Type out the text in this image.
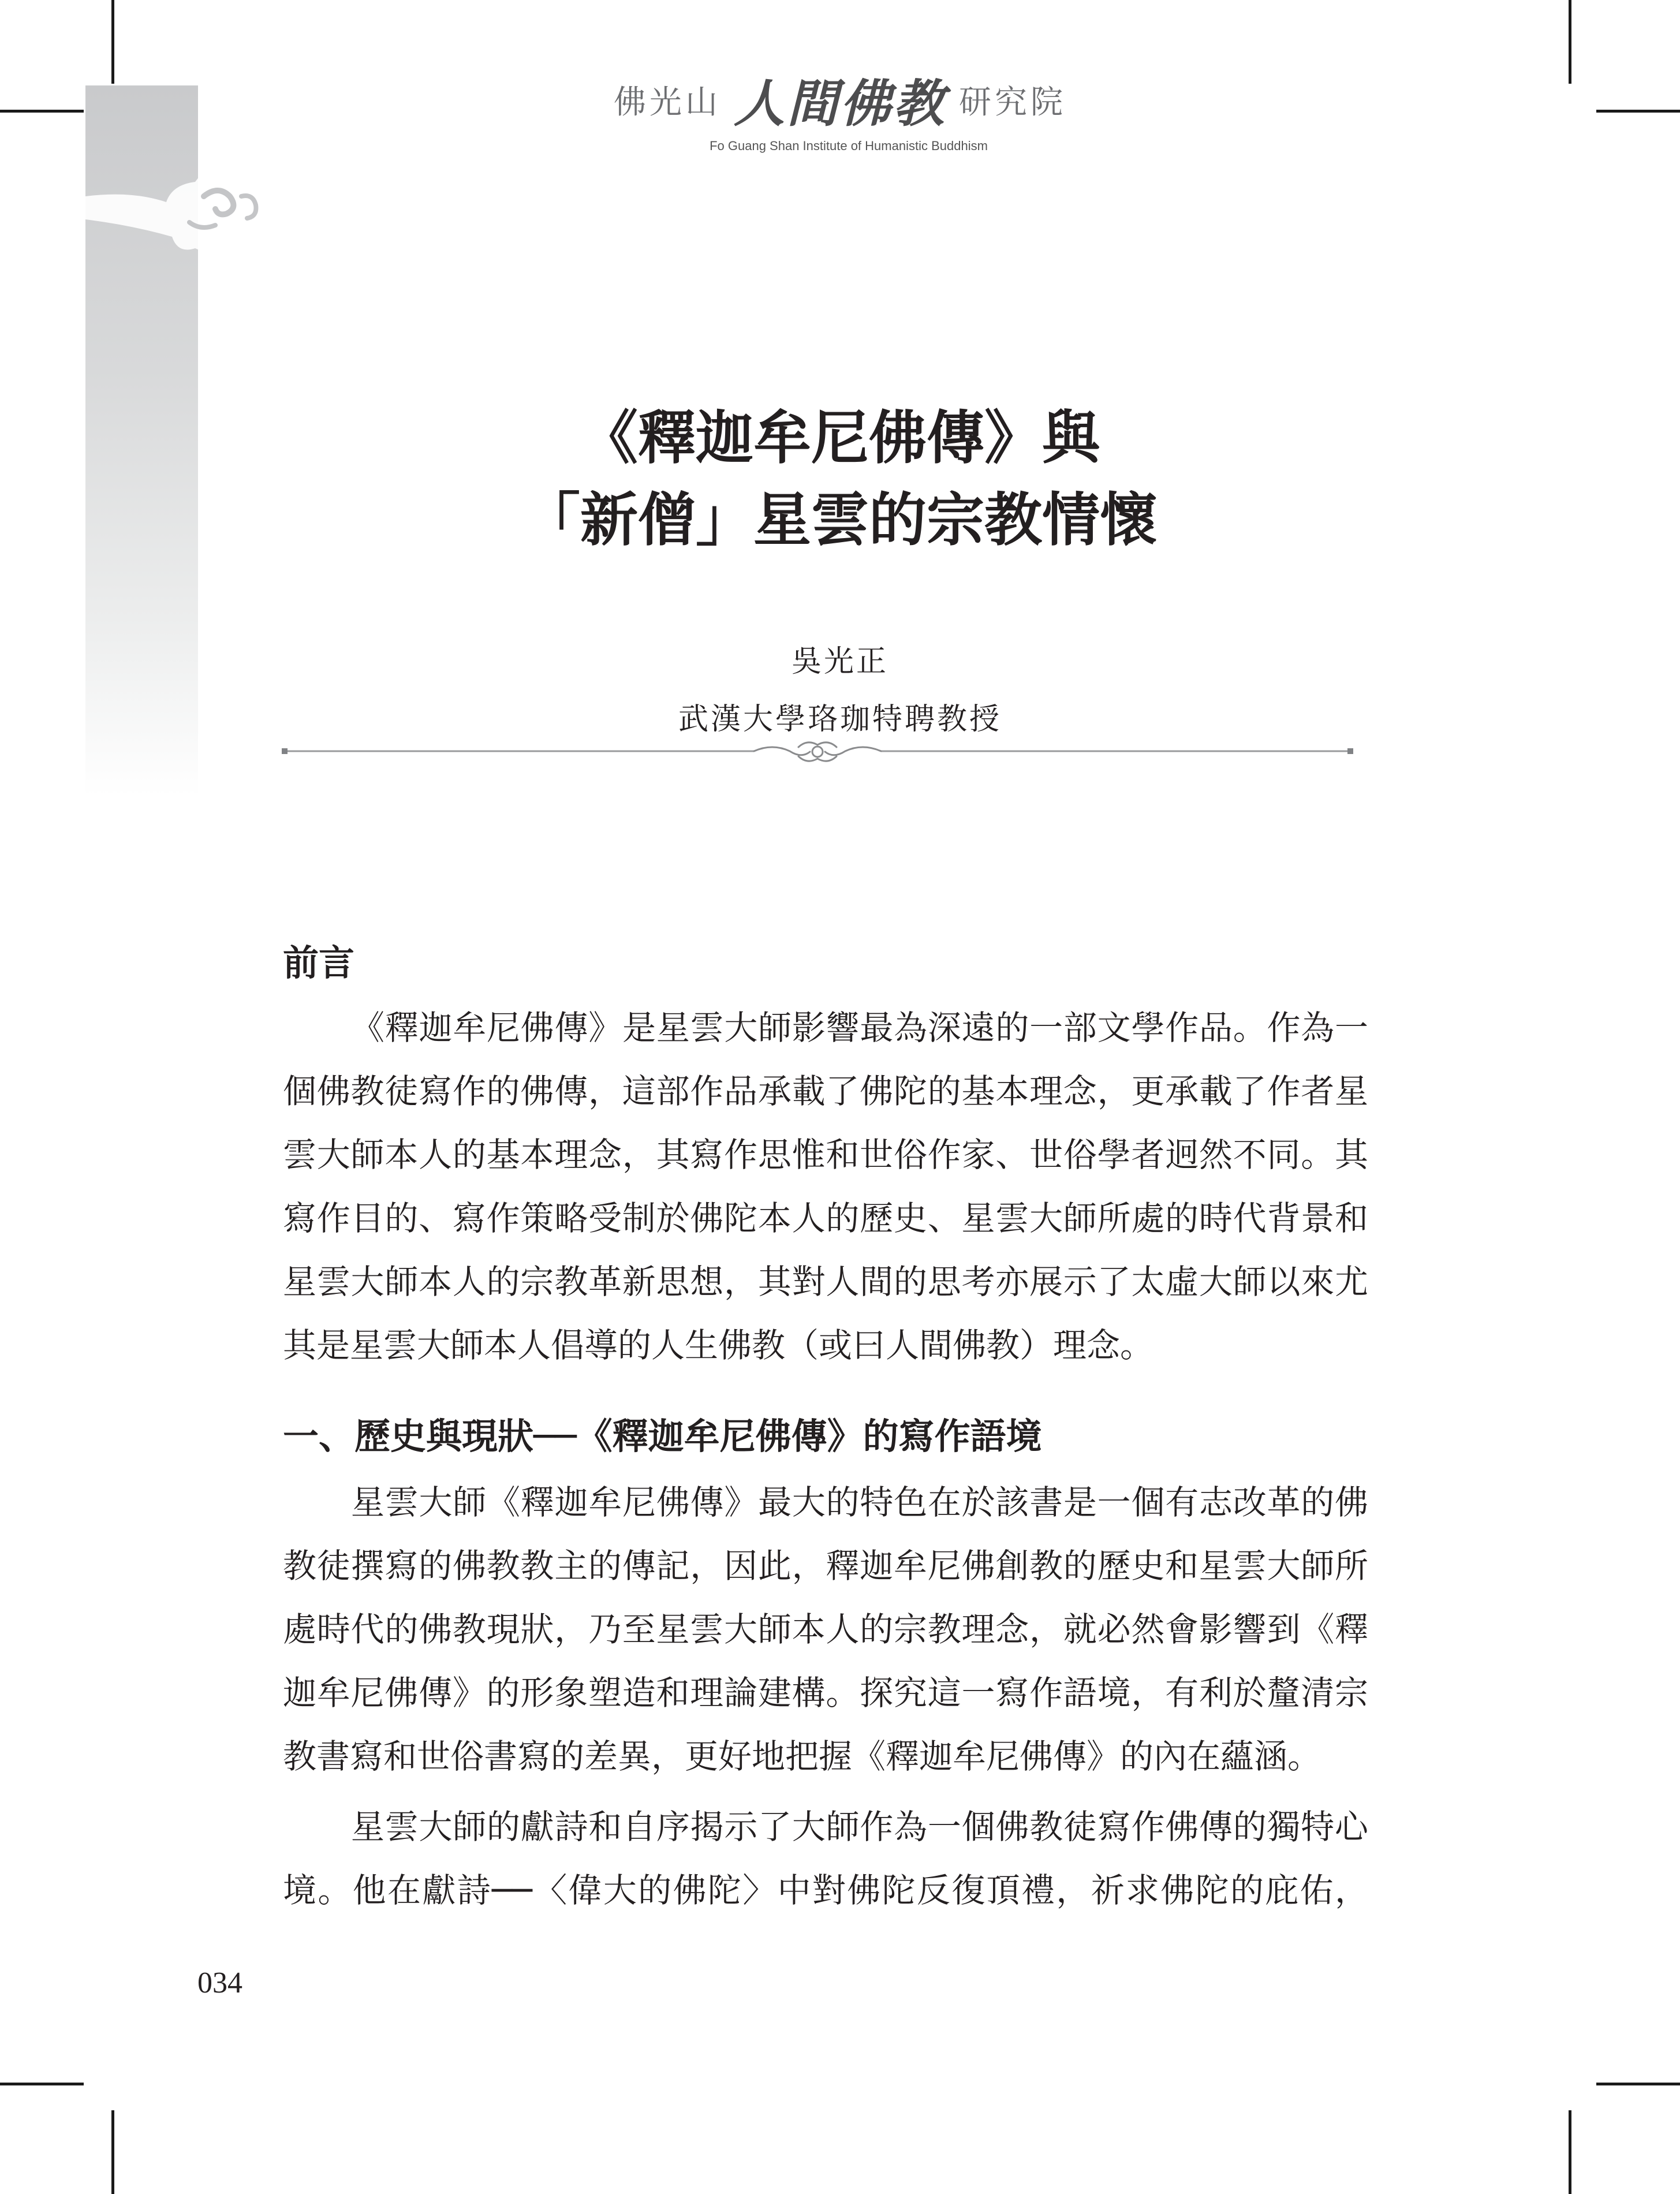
佛光山 人間佛教 研究院
Fo Guang Shan Institute of Humanistic Buddhism
《釋迦牟尼佛傳》與
「新僧」星雲的宗教情懷
吳光正
武漢大學珞珈特聘教授
前言
《釋迦牟尼佛傳》是星雲大師影響最為深遠的一部文學作品。作為一
個佛教徒寫作的佛傳，這部作品承載了佛陀的基本理念，更承載了作者星
雲大師本人的基本理念，其寫作思惟和世俗作家、世俗學者迥然不同。其
寫作目的、寫作策略受制於佛陀本人的歷史、星雲大師所處的時代背景和
星雲大師本人的宗教革新思想，其對人間的思考亦展示了太虛大師以來尤
其是星雲大師本人倡導的人生佛教（或曰人間佛教）理念。
一、歷史與現狀──《釋迦牟尼佛傳》的寫作語境
星雲大師《釋迦牟尼佛傳》最大的特色在於該書是一個有志改革的佛
教徒撰寫的佛教教主的傳記，因此，釋迦牟尼佛創教的歷史和星雲大師所
處時代的佛教現狀，乃至星雲大師本人的宗教理念，就必然會影響到《釋
迦牟尼佛傳》的形象塑造和理論建構。探究這一寫作語境，有利於釐清宗
教書寫和世俗書寫的差異，更好地把握《釋迦牟尼佛傳》的內在蘊涵。
星雲大師的獻詩和自序揭示了大師作為一個佛教徒寫作佛傳的獨特心
境。他在獻詩──〈偉大的佛陀〉中對佛陀反復頂禮，祈求佛陀的庇佑，
034
